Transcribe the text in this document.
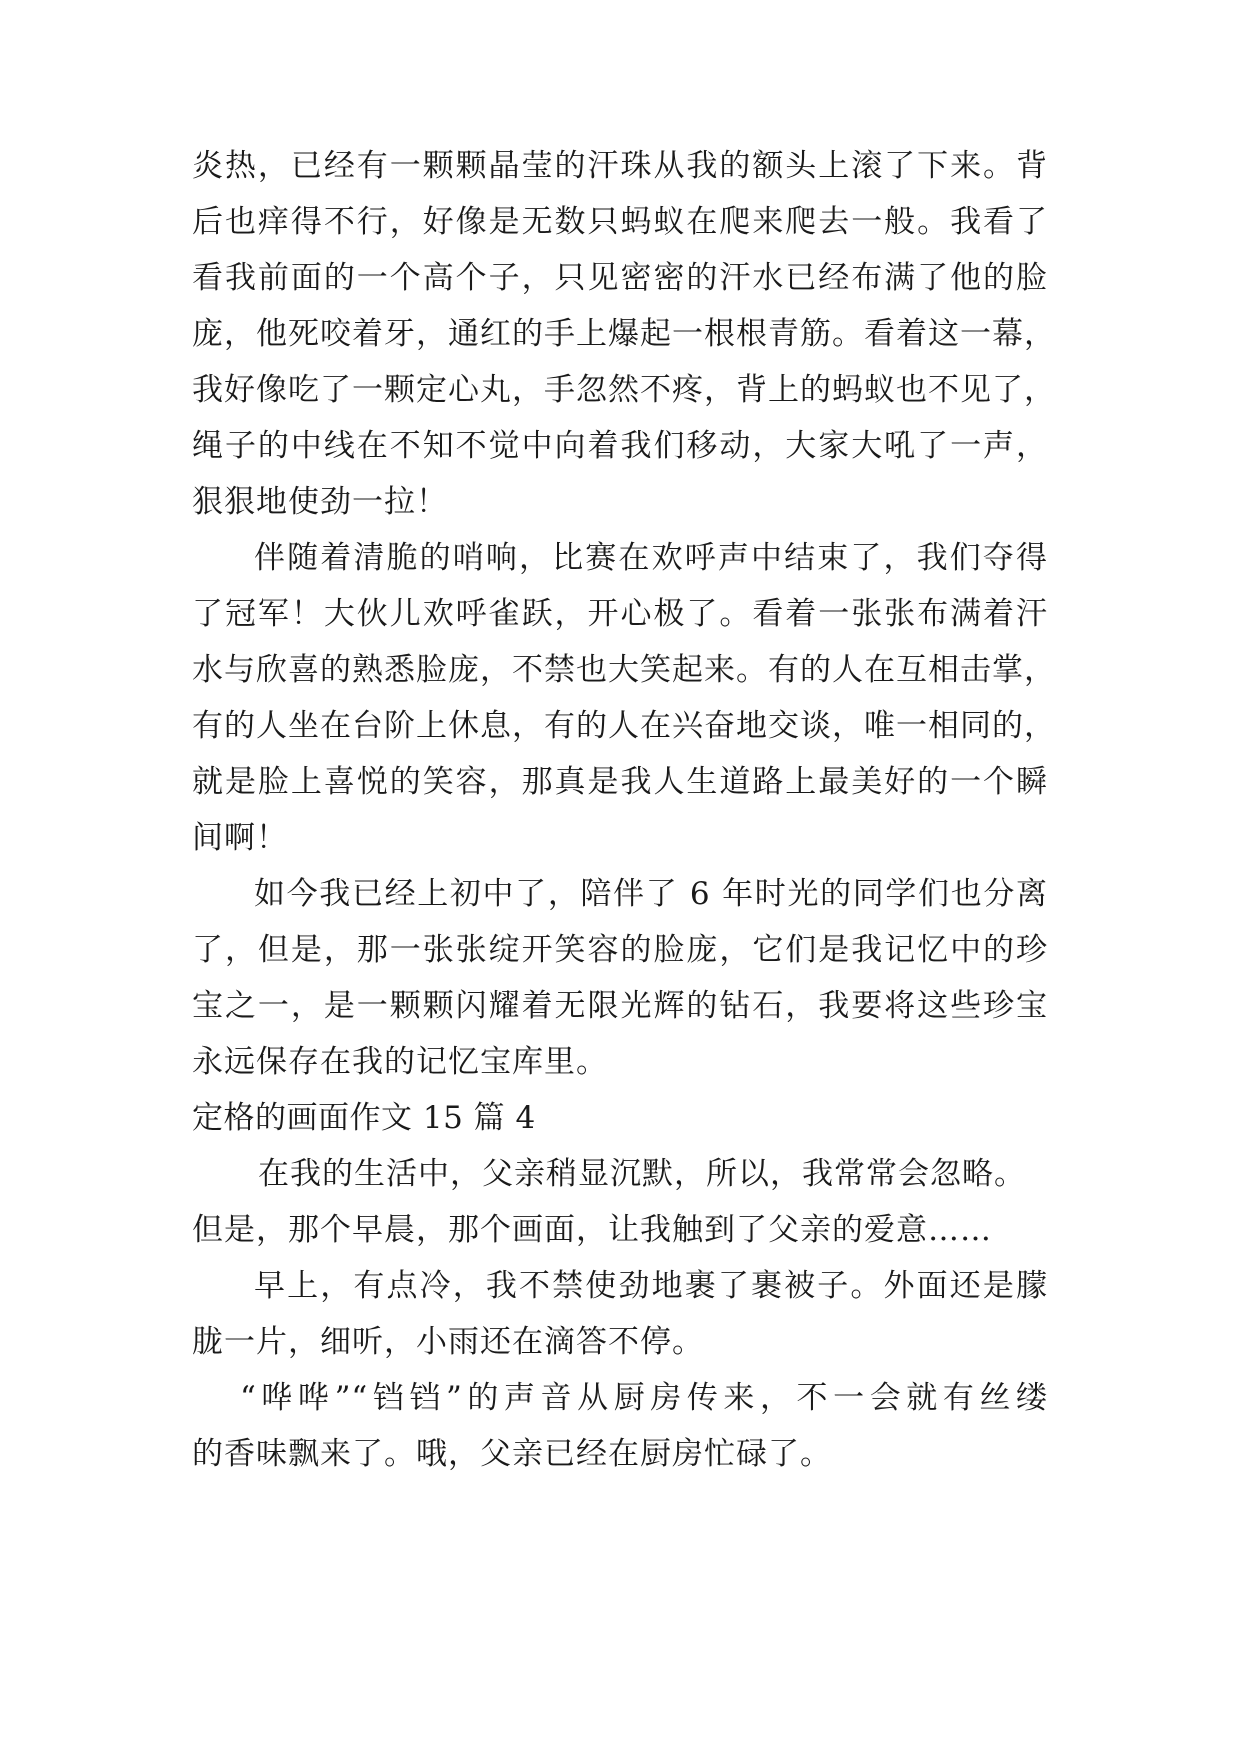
炎热，已经有一颗颗晶莹的汗珠从我的额头上滚了下来。背
后也痒得不行，好像是无数只蚂蚁在爬来爬去一般。我看了
看我前面的一个高个子，只见密密的汗水已经布满了他的脸
庞，他死咬着牙，通红的手上爆起一根根青筋。看着这一幕，
我好像吃了一颗定心丸，手忽然不疼，背上的蚂蚁也不见了，
绳子的中线在不知不觉中向着我们移动，大家大吼了一声，
狠狠地使劲一拉！
伴随着清脆的哨响，比赛在欢呼声中结束了，我们夺得
了冠军！大伙儿欢呼雀跃，开心极了。看着一张张布满着汗
水与欣喜的熟悉脸庞，不禁也大笑起来。有的人在互相击掌，
有的人坐在台阶上休息，有的人在兴奋地交谈，唯一相同的，
就是脸上喜悦的笑容，那真是我人生道路上最美好的一个瞬
间啊！
如今我已经上初中了，陪伴了 6 年时光的同学们也分离
了，但是，那一张张绽开笑容的脸庞，它们是我记忆中的珍
宝之一，是一颗颗闪耀着无限光辉的钻石，我要将这些珍宝
永远保存在我的记忆宝库里。
定格的画面作文 15 篇 4
在我的生活中，父亲稍显沉默，所以，我常常会忽略。
但是，那个早晨，那个画面，让我触到了父亲的爱意……
早上，有点冷，我不禁使劲地裹了裹被子。外面还是朦
胧一片，细听，小雨还在滴答不停。
“哗哗”“铛铛”的声音从厨房传来，不一会就有丝缕
的香味飘来了。哦，父亲已经在厨房忙碌了。
